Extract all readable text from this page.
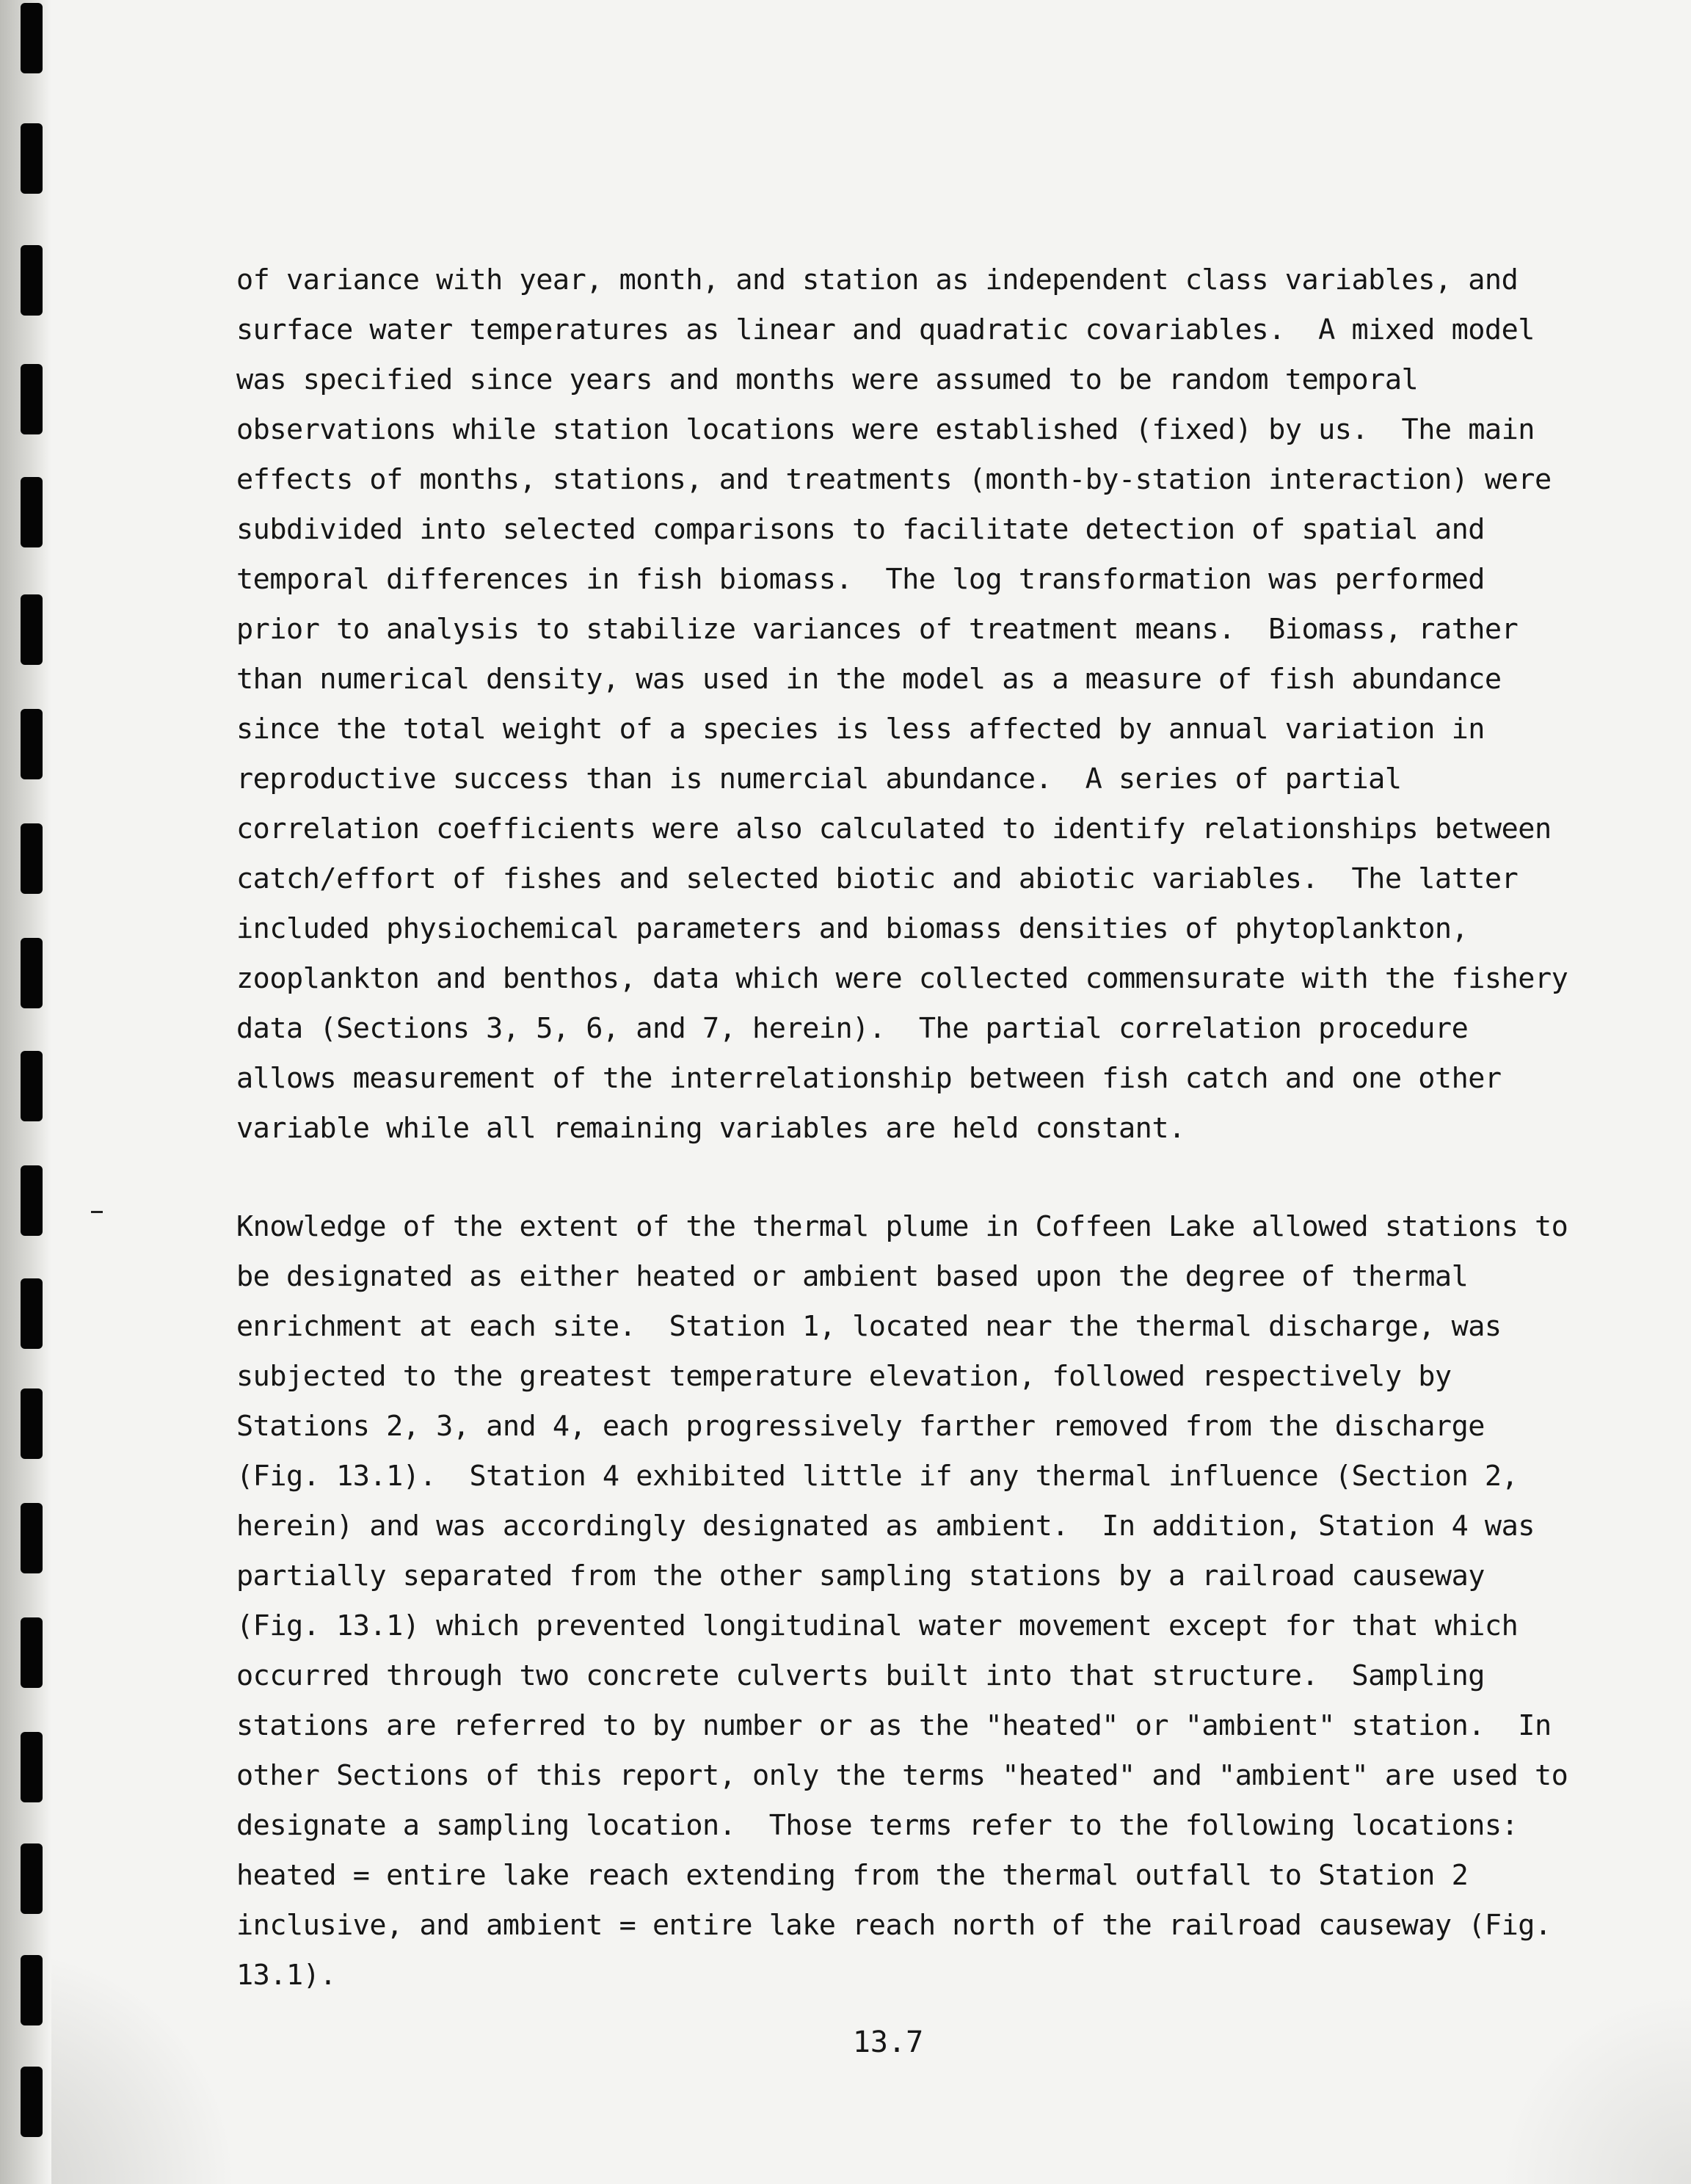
of variance with year, month, and station as independent class variables, and
surface water temperatures as linear and quadratic covariables.  A mixed model
was specified since years and months were assumed to be random temporal
observations while station locations were established (fixed) by us.  The main
effects of months, stations, and treatments (month-by-station interaction) were
subdivided into selected comparisons to facilitate detection of spatial and
temporal differences in fish biomass.  The log transformation was performed
prior to analysis to stabilize variances of treatment means.  Biomass, rather
than numerical density, was used in the model as a measure of fish abundance
since the total weight of a species is less affected by annual variation in
reproductive success than is numercial abundance.  A series of partial
correlation coefficients were also calculated to identify relationships between
catch/effort of fishes and selected biotic and abiotic variables.  The latter
included physiochemical parameters and biomass densities of phytoplankton,
zooplankton and benthos, data which were collected commensurate with the fishery
data (Sections 3, 5, 6, and 7, herein).  The partial correlation procedure
allows measurement of the interrelationship between fish catch and one other
variable while all remaining variables are held constant.
Knowledge of the extent of the thermal plume in Coffeen Lake allowed stations to
be designated as either heated or ambient based upon the degree of thermal
enrichment at each site.  Station 1, located near the thermal discharge, was
subjected to the greatest temperature elevation, followed respectively by
Stations 2, 3, and 4, each progressively farther removed from the discharge
(Fig. 13.1).  Station 4 exhibited little if any thermal influence (Section 2,
herein) and was accordingly designated as ambient.  In addition, Station 4 was
partially separated from the other sampling stations by a railroad causeway
(Fig. 13.1) which prevented longitudinal water movement except for that which
occurred through two concrete culverts built into that structure.  Sampling
stations are referred to by number or as the "heated" or "ambient" station.  In
other Sections of this report, only the terms "heated" and "ambient" are used to
designate a sampling location.  Those terms refer to the following locations:
heated = entire lake reach extending from the thermal outfall to Station 2
inclusive, and ambient = entire lake reach north of the railroad causeway (Fig.
13.1).
13.7
